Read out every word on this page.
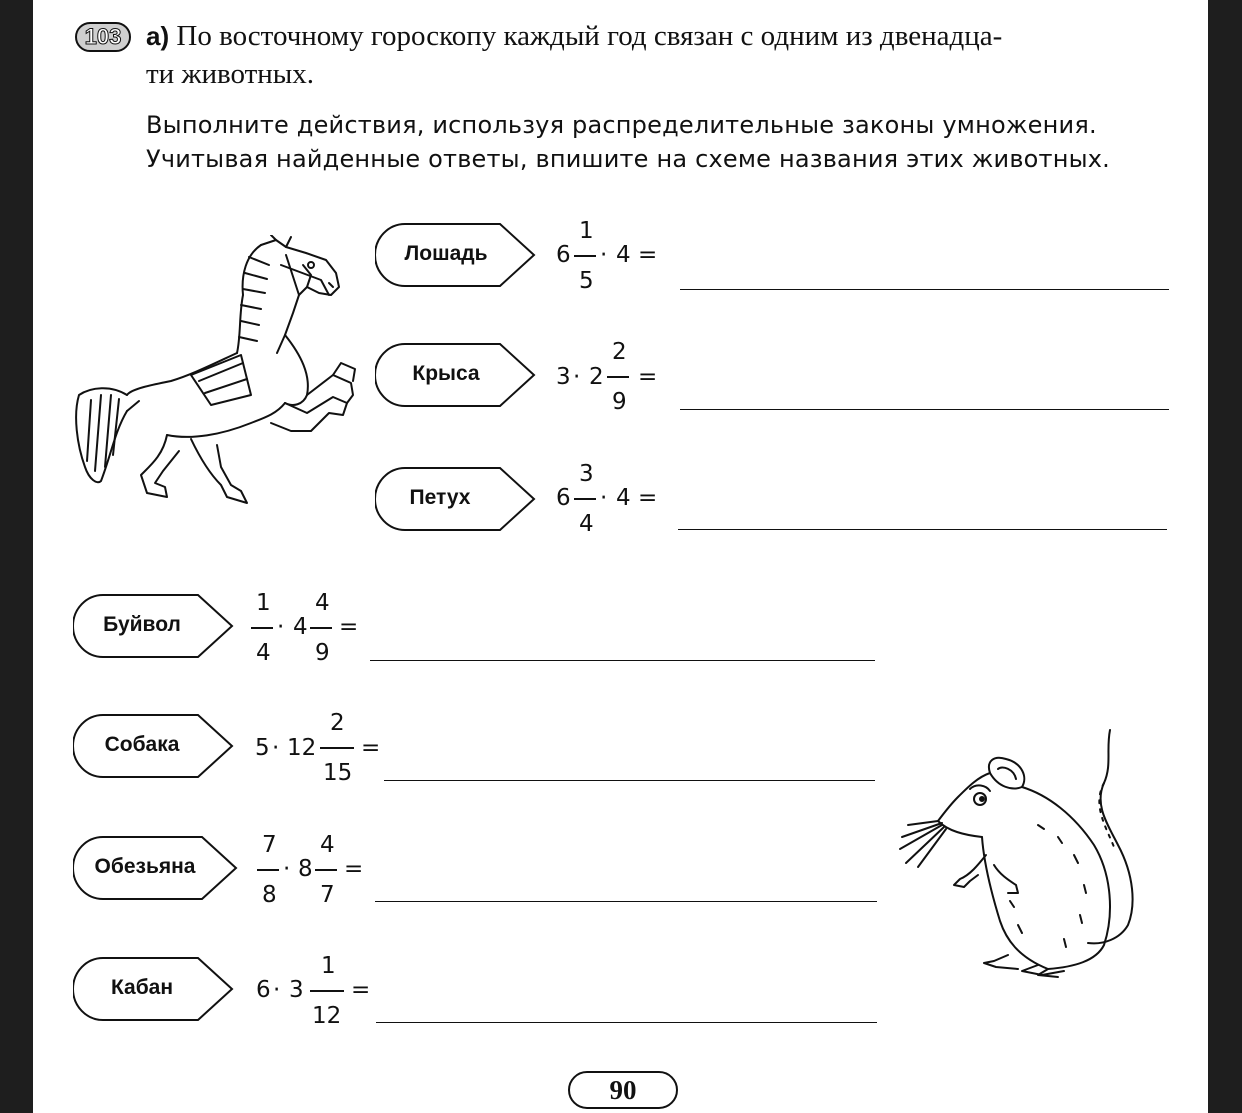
103 а) По восточному гороскопу каждый год связан с одним из двенадца-
ти животных.
Выполните действия, используя распределительные законы умножения.
Учитывая найденные ответы, впишите на схеме названия этих животных.
Лошадь	6
1
5
· 4 =
Крыса	3 · 2
2
9
=
Петух	6
3
4
· 4 =
Буйвол
1
4
· 4
4
9
=
Собака	5 · 12
2
15
=
Обезьяна
7
8
· 8
4
7
=
Кабан	6 · 3
1
12
=
90
